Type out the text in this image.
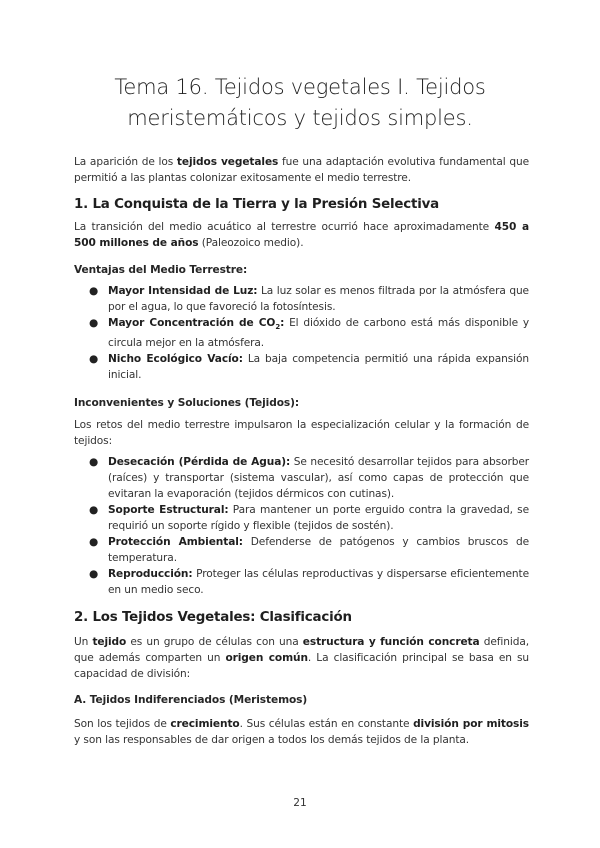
Tema 16. Tejidos vegetales I. Tejidos
meristemáticos y tejidos simples.
La aparición de los tejidos vegetales fue una adaptación evolutiva fundamental que permitió a las plantas colonizar exitosamente el medio terrestre.
1. La Conquista de la Tierra y la Presión Selectiva
La transición del medio acuático al terrestre ocurrió hace aproximadamente 450 a 500 millones de años (Paleozoico medio).
Ventajas del Medio Terrestre:
● Mayor Intensidad de Luz: La luz solar es menos filtrada por la atmósfera que por el agua, lo que favoreció la fotosíntesis.
● Mayor Concentración de $CO_2$: El dióxido de carbono está más disponible y circula mejor en la atmósfera.
● Nicho Ecológico Vacío: La baja competencia permitió una rápida expansión inicial.
Inconvenientes y Soluciones (Tejidos):
Los retos del medio terrestre impulsaron la especialización celular y la formación de tejidos:
● Desecación (Pérdida de Agua): Se necesitó desarrollar tejidos para absorber (raíces) y transportar (sistema vascular), así como capas de protección que evitaran la evaporación (tejidos dérmicos con cutinas).
● Soporte Estructural: Para mantener un porte erguido contra la gravedad, se requirió un soporte rígido y flexible (tejidos de sostén).
● Protección Ambiental: Defenderse de patógenos y cambios bruscos de temperatura.
● Reproducción: Proteger las células reproductivas y dispersarse eficientemente en un medio seco.
2. Los Tejidos Vegetales: Clasificación
Un tejido es un grupo de células con una estructura y función concreta definida, que además comparten un origen común. La clasificación principal se basa en su capacidad de división:
A. Tejidos Indiferenciados (Meristemos)
Son los tejidos de crecimiento. Sus células están en constante división por mitosis y son las responsables de dar origen a todos los demás tejidos de la planta.
21
